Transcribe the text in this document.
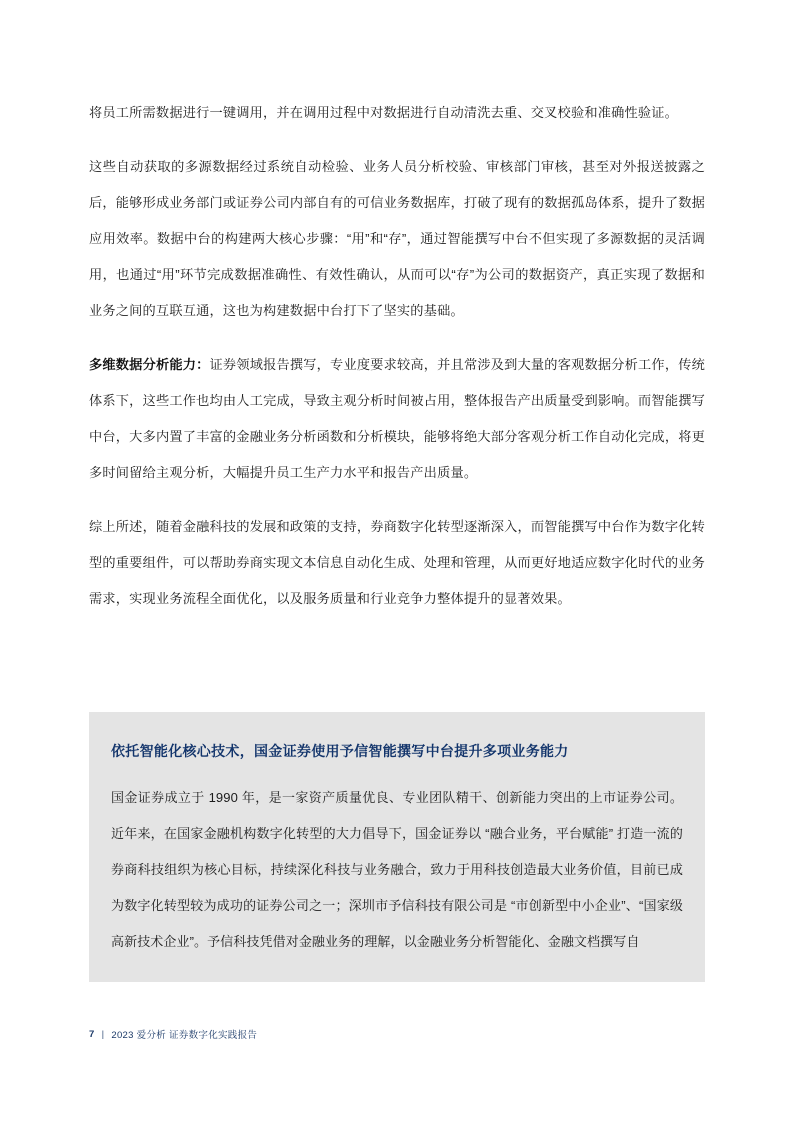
将员工所需数据进行一键调用，并在调用过程中对数据进行自动清洗去重、交叉校验和准确性验证。

这些自动获取的多源数据经过系统自动检验、业务人员分析校验、审核部门审核，甚至对外报送披露之后，能够形成业务部门或证券公司内部自有的可信业务数据库，打破了现有的数据孤岛体系，提升了数据应用效率。数据中台的构建两大核心步骤：“用”和“存”，通过智能撰写中台不但实现了多源数据的灵活调用，也通过“用”环节完成数据准确性、有效性确认，从而可以“存”为公司的数据资产，真正实现了数据和业务之间的互联互通，这也为构建数据中台打下了坚实的基础。

多维数据分析能力：证券领域报告撰写，专业度要求较高，并且常涉及到大量的客观数据分析工作，传统体系下，这些工作也均由人工完成，导致主观分析时间被占用，整体报告产出质量受到影响。而智能撰写中台，大多内置了丰富的金融业务分析函数和分析模块，能够将绝大部分客观分析工作自动化完成，将更多时间留给主观分析，大幅提升员工生产力水平和报告产出质量。

综上所述，随着金融科技的发展和政策的支持，券商数字化转型逐渐深入，而智能撰写中台作为数字化转型的重要组件，可以帮助券商实现文本信息自动化生成、处理和管理，从而更好地适应数字化时代的业务需求，实现业务流程全面优化，以及服务质量和行业竞争力整体提升的显著效果。

依托智能化核心技术，国金证券使用予信智能撰写中台提升多项业务能力

国金证券成立于 1990 年，是一家资产质量优良、专业团队精干、创新能力突出的上市证券公司。近年来，在国家金融机构数字化转型的大力倡导下，国金证券以 “融合业务，平台赋能” 打造一流的券商科技组织为核心目标，持续深化科技与业务融合，致力于用科技创造最大业务价值，目前已成为数字化转型较为成功的证券公司之一；深圳市予信科技有限公司是 “市创新型中小企业”、“国家级高新技术企业”。予信科技凭借对金融业务的理解，以金融业务分析智能化、金融文档撰写自

7 | 2023 爱分析 证券数字化实践报告
